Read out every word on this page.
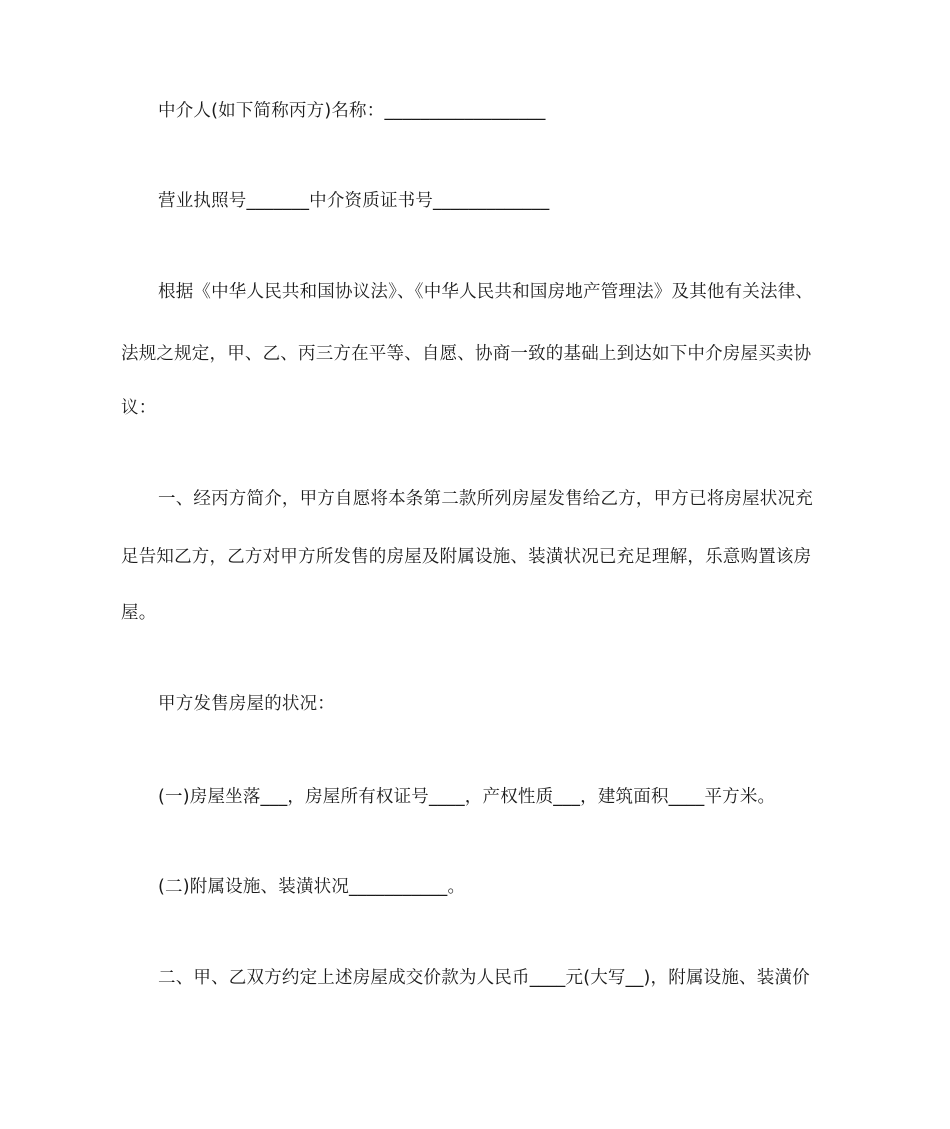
中介人(如下简称丙方)名称：__________________
营业执照号_______中介资质证书号_____________
根据《中华人民共和国协议法》、《中华人民共和国房地产管理法》及其他有关法律、
法规之规定，甲、乙、丙三方在平等、自愿、协商一致的基础上到达如下中介房屋买卖协
议：
一、经丙方简介，甲方自愿将本条第二款所列房屋发售给乙方，甲方已将房屋状况充
足告知乙方，乙方对甲方所发售的房屋及附属设施、装潢状况已充足理解，乐意购置该房
屋。
甲方发售房屋的状况：
(一)房屋坐落___，房屋所有权证号____，产权性质___，建筑面积____平方米。
(二)附属设施、装潢状况___________。
二、甲、乙双方约定上述房屋成交价款为人民币____元(大写__)，附属设施、装潢价
